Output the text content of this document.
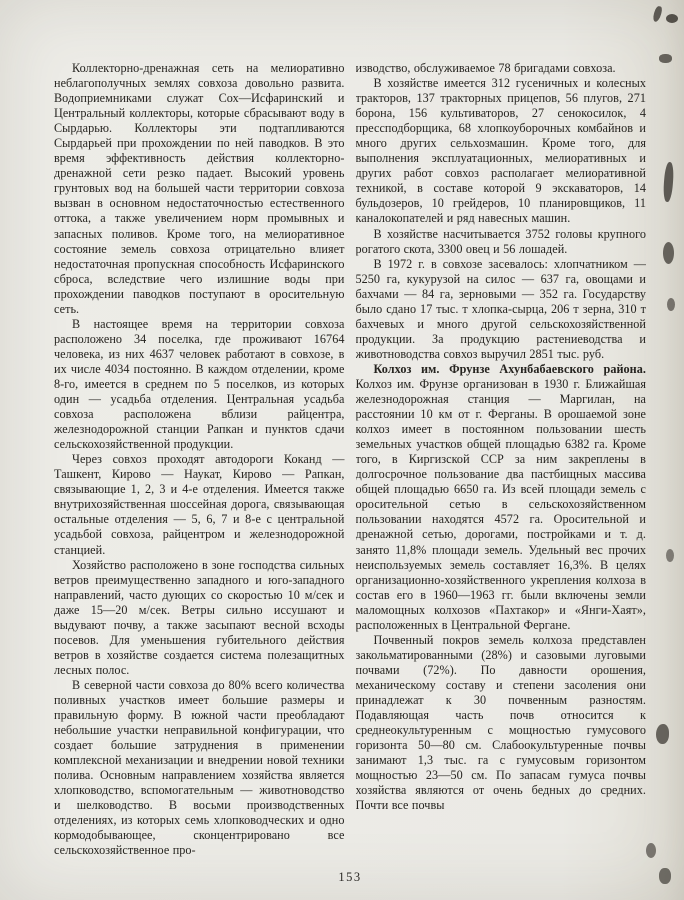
Коллекторно-дренажная сеть на мелиоративно неблагополучных землях совхоза довольно развита. Водоприемниками служат Сох—Исфаринский и Центральный коллекторы, которые сбрасывают воду в Сырдарью. Коллекторы эти подтапливаются Сырдарьей при прохождении по ней паводков. В это время эффективность действия коллекторно-дренажной сети резко падает. Высокий уровень грунтовых вод на большей части территории совхоза вызван в основном недостаточностью естественного оттока, а также увеличением норм промывных и запасных поливов. Кроме того, на мелиоративное состояние земель совхоза отрицательно влияет недостаточная пропускная способность Исфаринского сброса, вследствие чего излишние воды при прохождении паводков поступают в оросительную сеть.

В настоящее время на территории совхоза расположено 34 поселка, где проживают 16764 человека, из них 4637 человек работают в совхозе, в их числе 4034 постоянно. В каждом отделении, кроме 8-го, имеется в среднем по 5 поселков, из которых один — усадьба отделения. Центральная усадьба совхоза расположена вблизи райцентра, железнодорожной станции Рапкан и пунктов сдачи сельскохозяйственной продукции.

Через совхоз проходят автодороги Коканд — Ташкент, Кирово — Наукат, Кирово — Рапкан, связывающие 1, 2, 3 и 4-е отделения. Имеется также внутрихозяйственная шоссейная дорога, связывающая остальные отделения — 5, 6, 7 и 8-е с центральной усадьбой совхоза, райцентром и железнодорожной станцией.

Хозяйство расположено в зоне господства сильных ветров преимущественно западного и юго-западного направлений, часто дующих со скоростью 10 м/сек и даже 15—20 м/сек. Ветры сильно иссушают и выдувают почву, а также засыпают весной всходы посевов. Для уменьшения губительного действия ветров в хозяйстве создается система полезащитных лесных полос.

В северной части совхоза до 80% всего количества поливных участков имеет большие размеры и правильную форму. В южной части преобладают небольшие участки неправильной конфигурации, что создает большие затруднения в применении комплексной механизации и внедрении новой техники полива. Основным направлением хозяйства является хлопководство, вспомогательным — животноводство и шелководство. В восьми производственных отделениях, из которых семь хлопководческих и одно кормодобывающее, сконцентрировано все сельскохозяйственное про-

изводство, обслуживаемое 78 бригадами совхоза.

В хозяйстве имеется 312 гусеничных и колесных тракторов, 137 тракторных прицепов, 56 плугов, 271 борона, 156 культиваторов, 27 сенокосилок, 4 прессподборщика, 68 хлопкоуборочных комбайнов и много других сельхозмашин. Кроме того, для выполнения эксплуатационных, мелиоративных и других работ совхоз располагает мелиоративной техникой, в составе которой 9 экскаваторов, 14 бульдозеров, 10 грейдеров, 10 планировщиков, 11 каналокопателей и ряд навесных машин.

В хозяйстве насчитывается 3752 головы крупного рогатого скота, 3300 овец и 56 лошадей.

В 1972 г. в совхозе засевалось: хлопчатником — 5250 га, кукурузой на силос — 637 га, овощами и бахчами — 84 га, зерновыми — 352 га. Государству было сдано 17 тыс. т хлопка-сырца, 206 т зерна, 310 т бахчевых и много другой сельскохозяйственной продукции. За продукцию растениеводства и животноводства совхоз выручил 2851 тыс. руб.

Колхоз им. Фрунзе Ахунбабаевского района. Колхоз им. Фрунзе организован в 1930 г. Ближайшая железнодорожная станция — Маргилан, на расстоянии 10 км от г. Ферганы. В орошаемой зоне колхоз имеет в постоянном пользовании шесть земельных участков общей площадью 6382 га. Кроме того, в Киргизской ССР за ним закреплены в долгосрочное пользование два пастбищных массива общей площадью 6650 га. Из всей площади земель с оросительной сетью в сельскохозяйственном пользовании находятся 4572 га. Оросительной и дренажной сетью, дорогами, постройками и т. д. занято 11,8% площади земель. Удельный вес прочих неиспользуемых земель составляет 16,3%. В целях организационно-хозяйственного укрепления колхоза в состав его в 1960—1963 гг. были включены земли маломощных колхозов «Пахтакор» и «Янги-Хаят», расположенных в Центральной Фергане.

Почвенный покров земель колхоза представлен закольматированными (28%) и сазовыми луговыми почвами (72%). По давности орошения, механическому составу и степени засоления они принадлежат к 30 почвенным разностям. Подавляющая часть почв относится к среднеокультуренным с мощностью гумусового горизонта 50—80 см. Слабоокультуренные почвы занимают 1,3 тыс. га с гумусовым горизонтом мощностью 23—50 см. По запасам гумуса почвы хозяйства являются от очень бедных до средних. Почти все почвы

153
